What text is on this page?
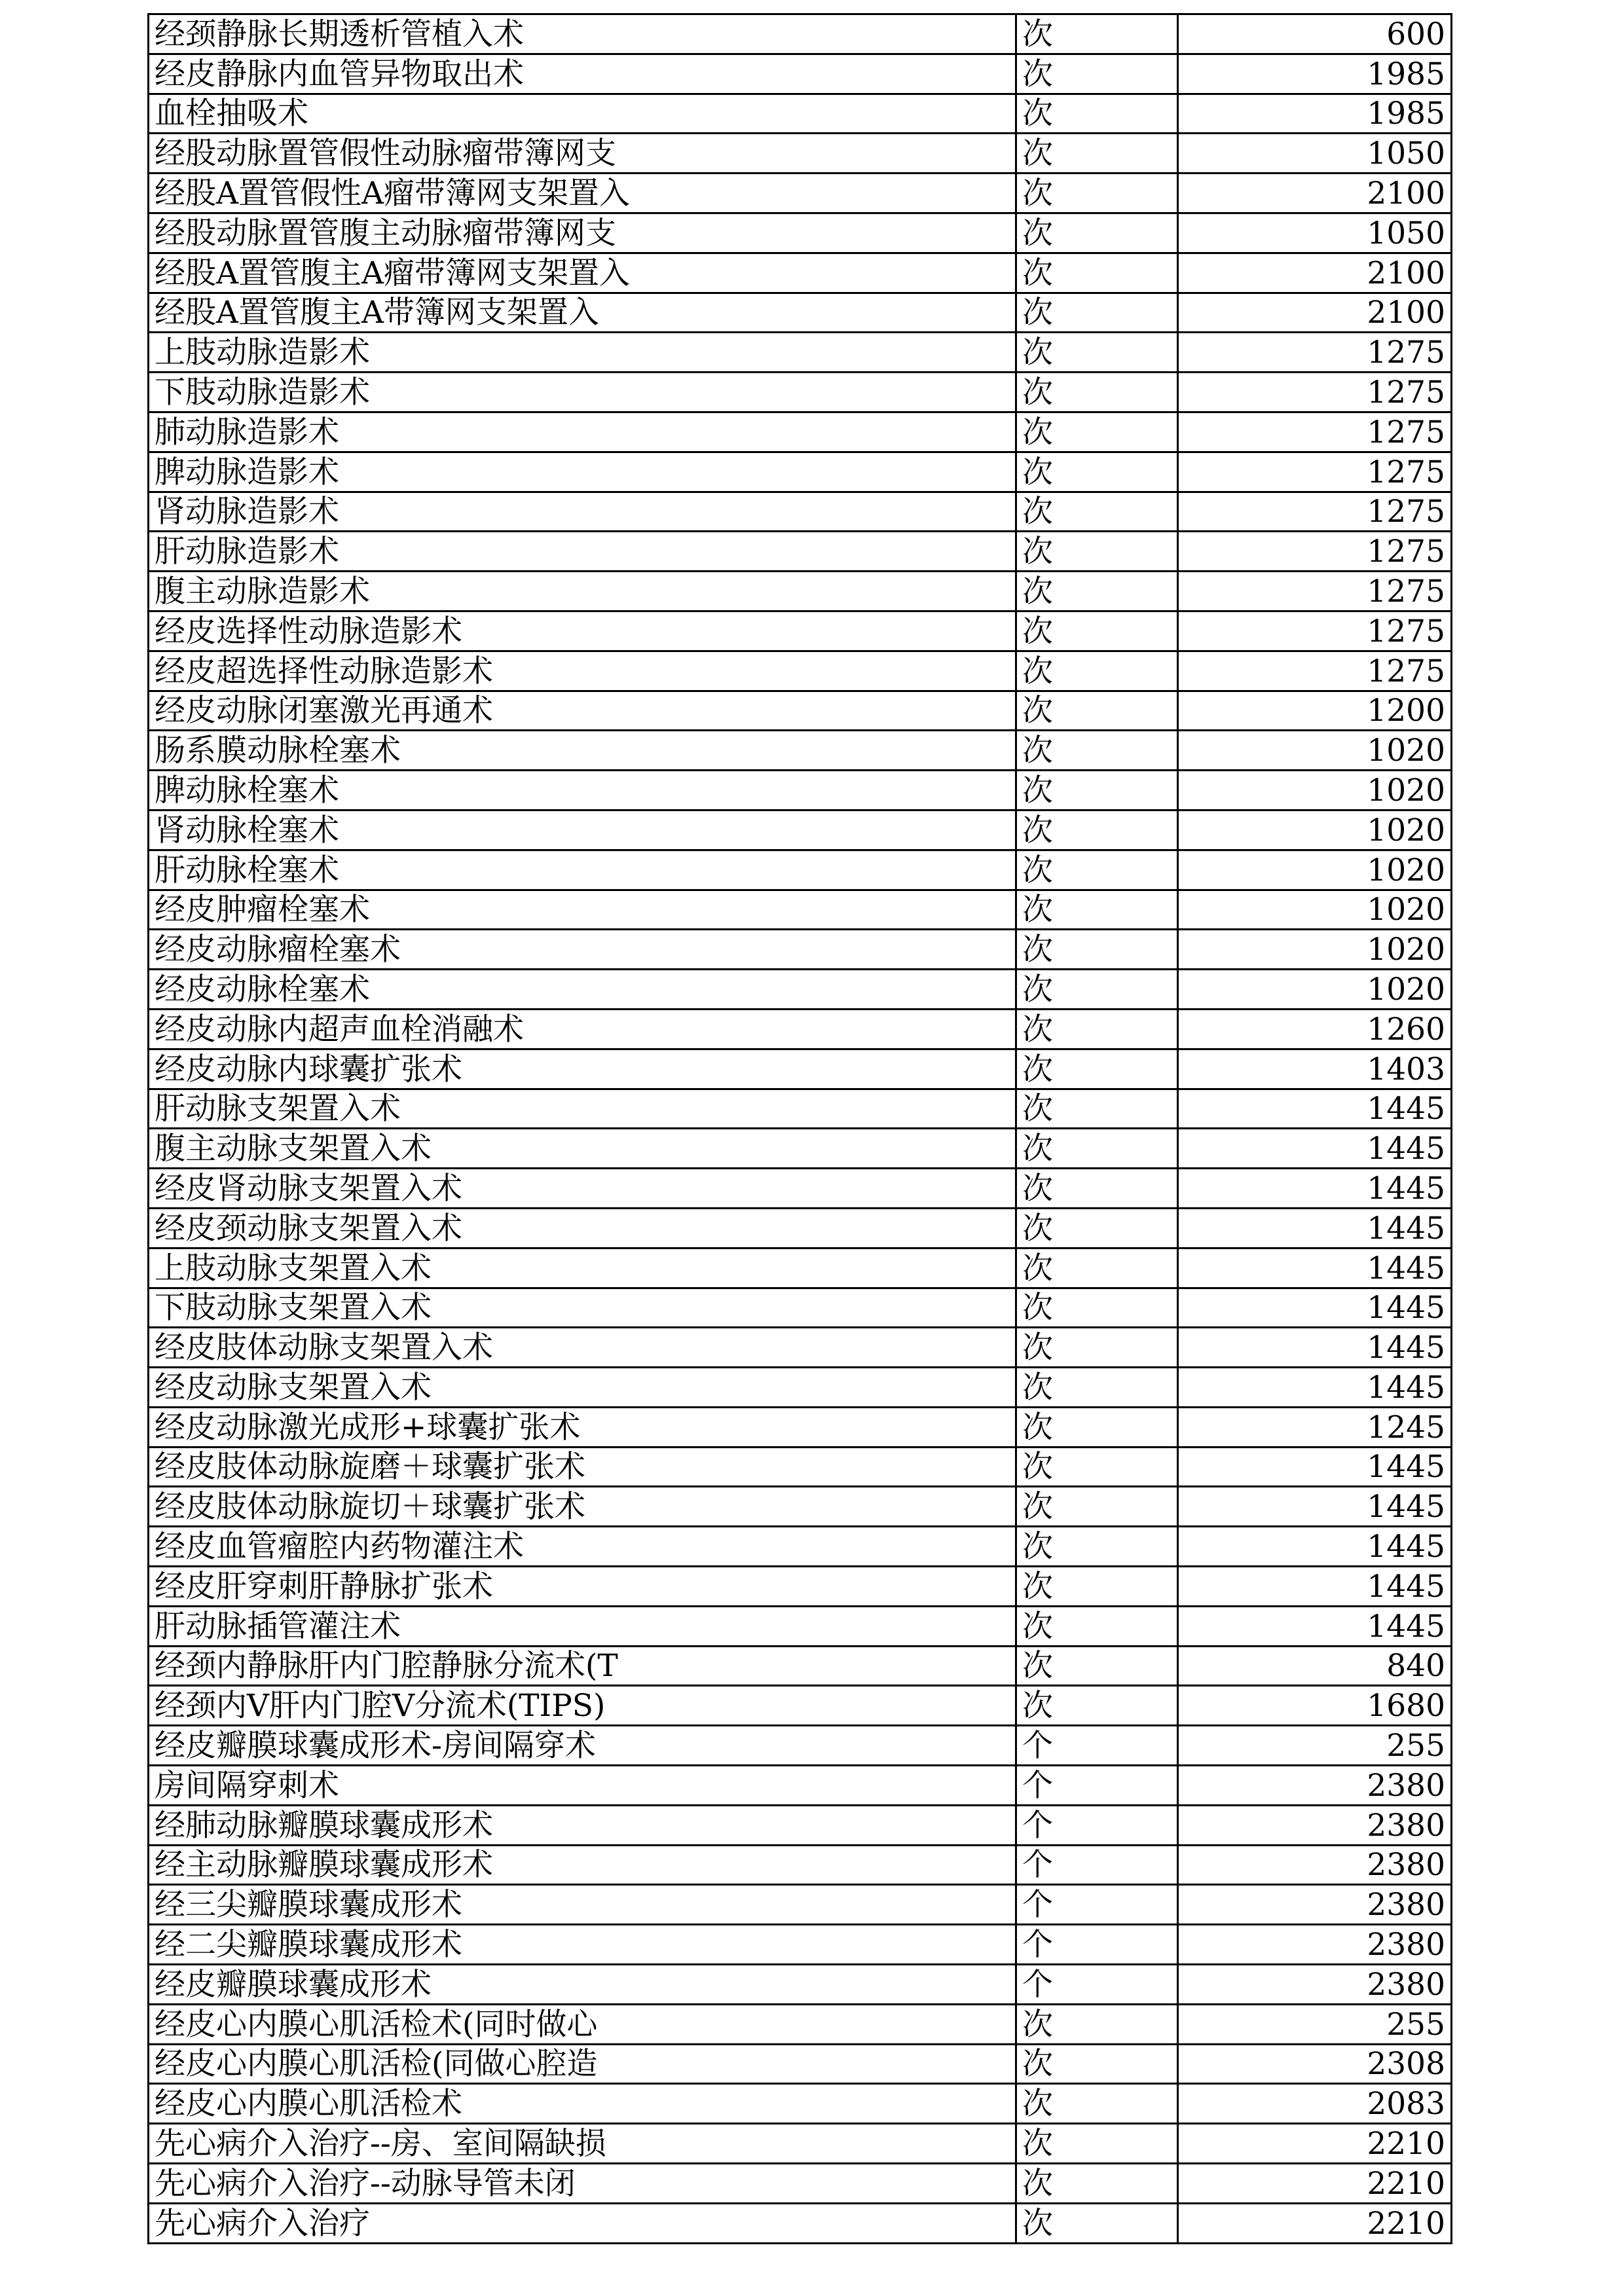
经颈静脉长期透析管植入术	次	600
经皮静脉内血管异物取出术	次	1985
血栓抽吸术	次	1985
经股动脉置管假性动脉瘤带簿网支	次	1050
经股A置管假性A瘤带簿网支架置入	次	2100
经股动脉置管腹主动脉瘤带簿网支	次	1050
经股A置管腹主A瘤带簿网支架置入	次	2100
经股A置管腹主A带簿网支架置入	次	2100
上肢动脉造影术	次	1275
下肢动脉造影术	次	1275
肺动脉造影术	次	1275
脾动脉造影术	次	1275
肾动脉造影术	次	1275
肝动脉造影术	次	1275
腹主动脉造影术	次	1275
经皮选择性动脉造影术	次	1275
经皮超选择性动脉造影术	次	1275
经皮动脉闭塞激光再通术	次	1200
肠系膜动脉栓塞术	次	1020
脾动脉栓塞术	次	1020
肾动脉栓塞术	次	1020
肝动脉栓塞术	次	1020
经皮肿瘤栓塞术	次	1020
经皮动脉瘤栓塞术	次	1020
经皮动脉栓塞术	次	1020
经皮动脉内超声血栓消融术	次	1260
经皮动脉内球囊扩张术	次	1403
肝动脉支架置入术	次	1445
腹主动脉支架置入术	次	1445
经皮肾动脉支架置入术	次	1445
经皮颈动脉支架置入术	次	1445
上肢动脉支架置入术	次	1445
下肢动脉支架置入术	次	1445
经皮肢体动脉支架置入术	次	1445
经皮动脉支架置入术	次	1445
经皮动脉激光成形+球囊扩张术	次	1245
经皮肢体动脉旋磨＋球囊扩张术	次	1445
经皮肢体动脉旋切＋球囊扩张术	次	1445
经皮血管瘤腔内药物灌注术	次	1445
经皮肝穿刺肝静脉扩张术	次	1445
肝动脉插管灌注术	次	1445
经颈内静脉肝内门腔静脉分流术(T	次	840
经颈内V肝内门腔V分流术(TIPS)	次	1680
经皮瓣膜球囊成形术-房间隔穿术	个	255
房间隔穿刺术	个	2380
经肺动脉瓣膜球囊成形术	个	2380
经主动脉瓣膜球囊成形术	个	2380
经三尖瓣膜球囊成形术	个	2380
经二尖瓣膜球囊成形术	个	2380
经皮瓣膜球囊成形术	个	2380
经皮心内膜心肌活检术(同时做心	次	255
经皮心内膜心肌活检(同做心腔造	次	2308
经皮心内膜心肌活检术	次	2083
先心病介入治疗--房、室间隔缺损	次	2210
先心病介入治疗--动脉导管未闭	次	2210
先心病介入治疗	次	2210
